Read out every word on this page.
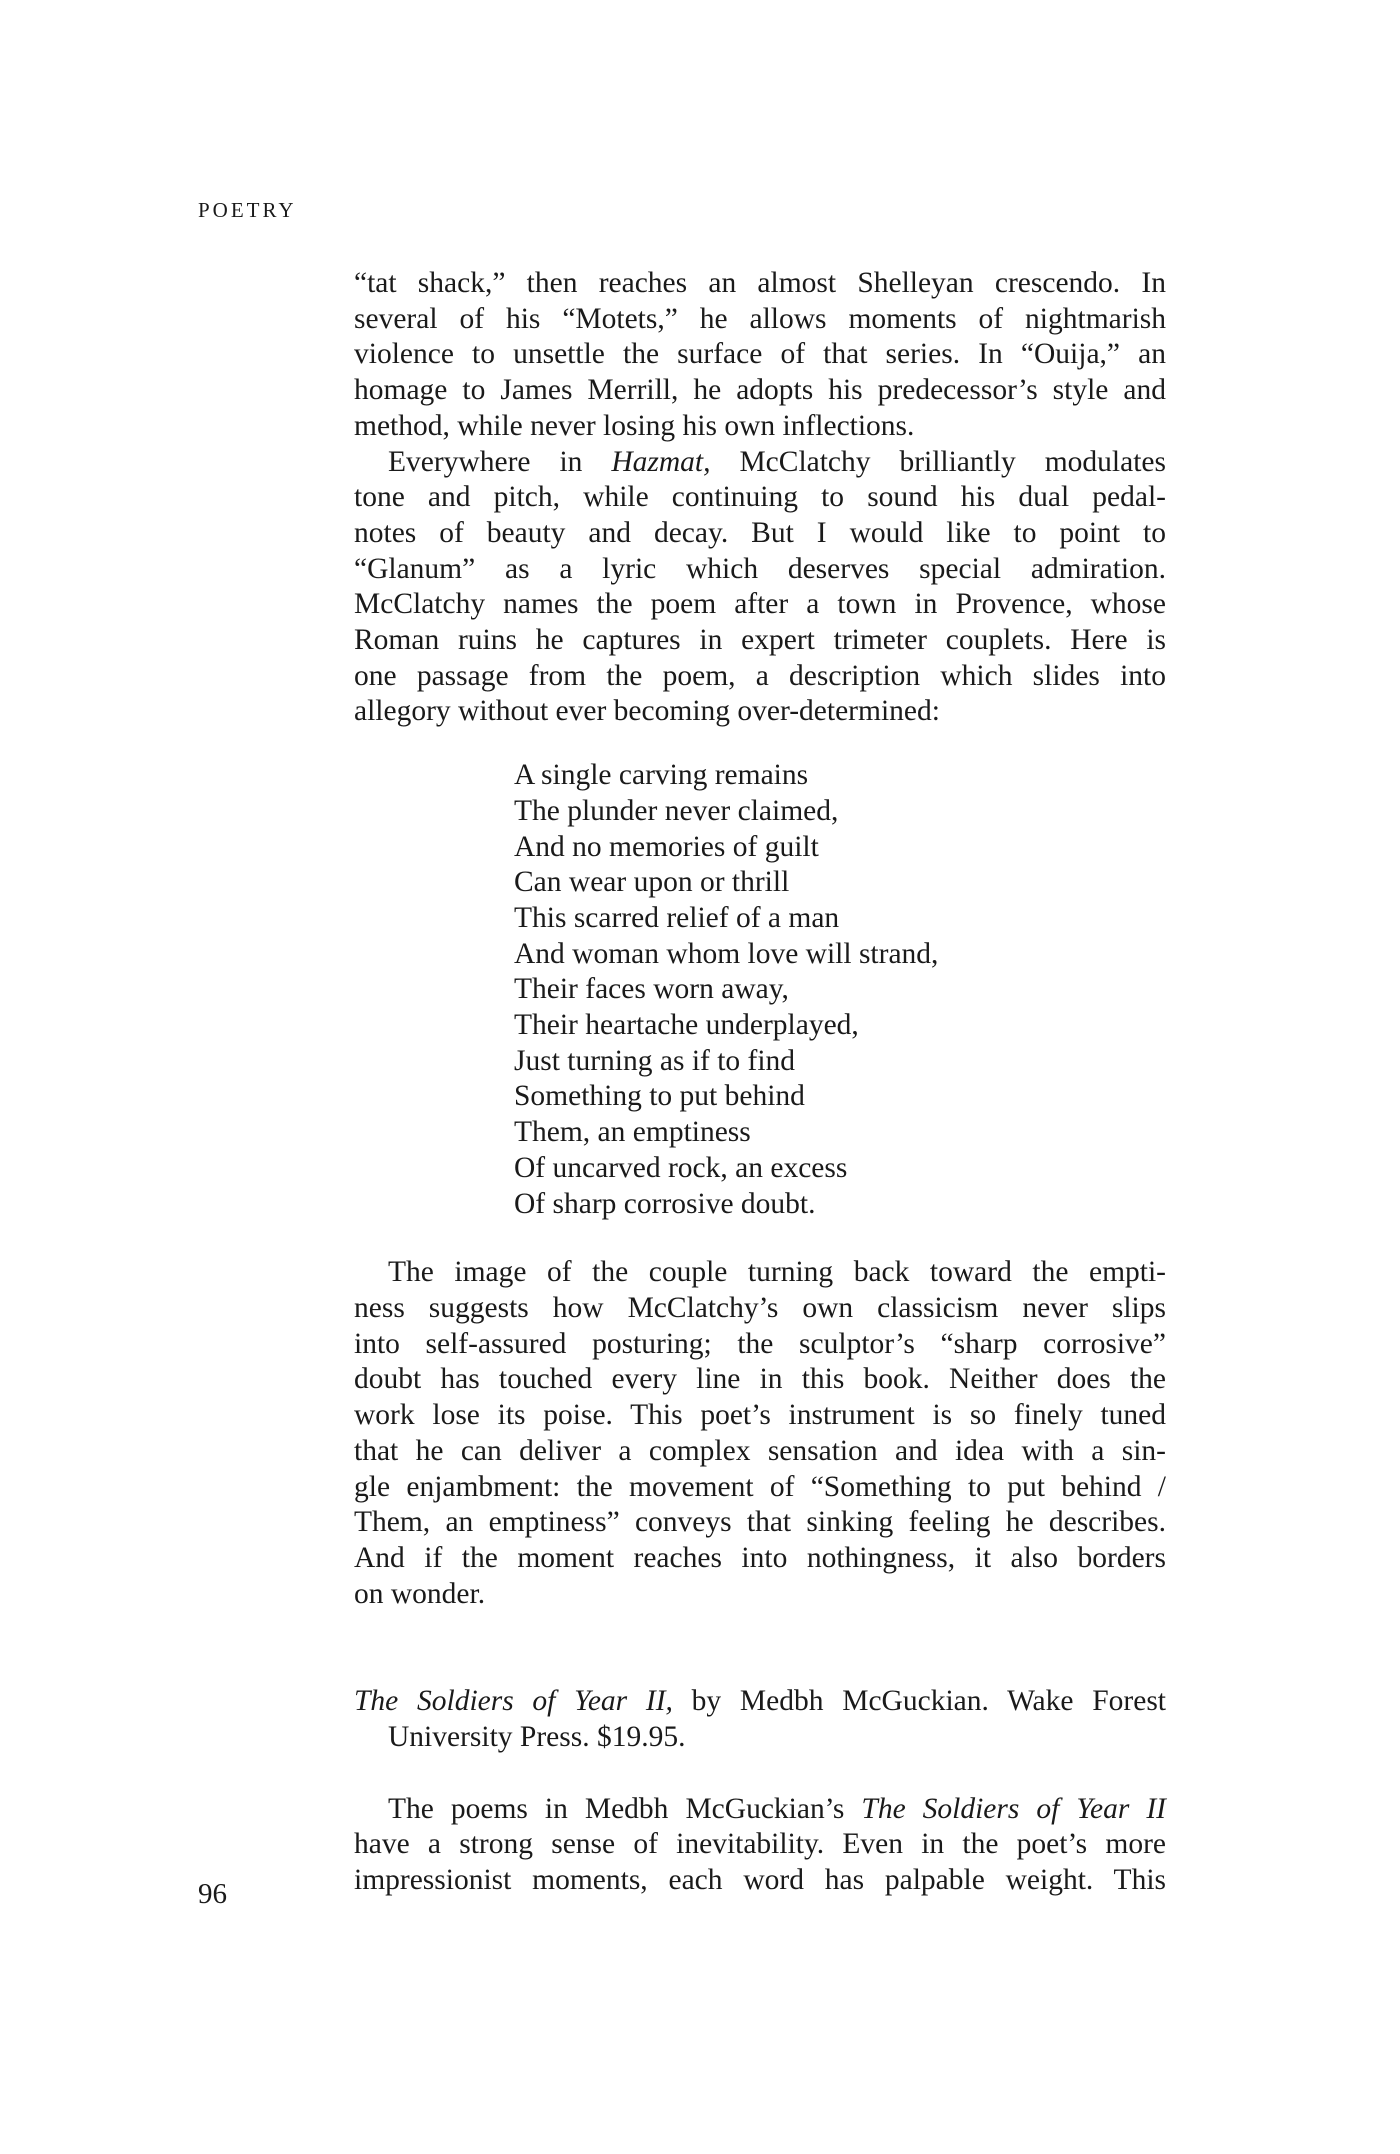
POETRY

“tat shack,” then reaches an almost Shelleyan crescendo. In
several of his “Motets,” he allows moments of nightmarish
violence to unsettle the surface of that series. In “Ouija,” an
homage to James Merrill, he adopts his predecessor’s style and
method, while never losing his own inflections.

Everywhere in Hazmat, McClatchy brilliantly modulates
tone and pitch, while continuing to sound his dual pedal-
notes of beauty and decay. But I would like to point to
“Glanum” as a lyric which deserves special admiration.
McClatchy names the poem after a town in Provence, whose
Roman ruins he captures in expert trimeter couplets. Here is
one passage from the poem, a description which slides into
allegory without ever becoming over-determined:

A single carving remains
The plunder never claimed,
And no memories of guilt
Can wear upon or thrill
This scarred relief of a man
And woman whom love will strand,
Their faces worn away,
Their heartache underplayed,
Just turning as if to find
Something to put behind
Them, an emptiness
Of uncarved rock, an excess
Of sharp corrosive doubt.

The image of the couple turning back toward the empti-
ness suggests how McClatchy’s own classicism never slips
into self-assured posturing; the sculptor’s “sharp corrosive”
doubt has touched every line in this book. Neither does the
work lose its poise. This poet’s instrument is so finely tuned
that he can deliver a complex sensation and idea with a sin-
gle enjambment: the movement of “Something to put behind /
Them, an emptiness” conveys that sinking feeling he describes.
And if the moment reaches into nothingness, it also borders
on wonder.

The Soldiers of Year II, by Medbh McGuckian. Wake Forest
University Press. $19.95.

The poems in Medbh McGuckian’s The Soldiers of Year II
have a strong sense of inevitability. Even in the poet’s more
impressionist moments, each word has palpable weight. This

96
